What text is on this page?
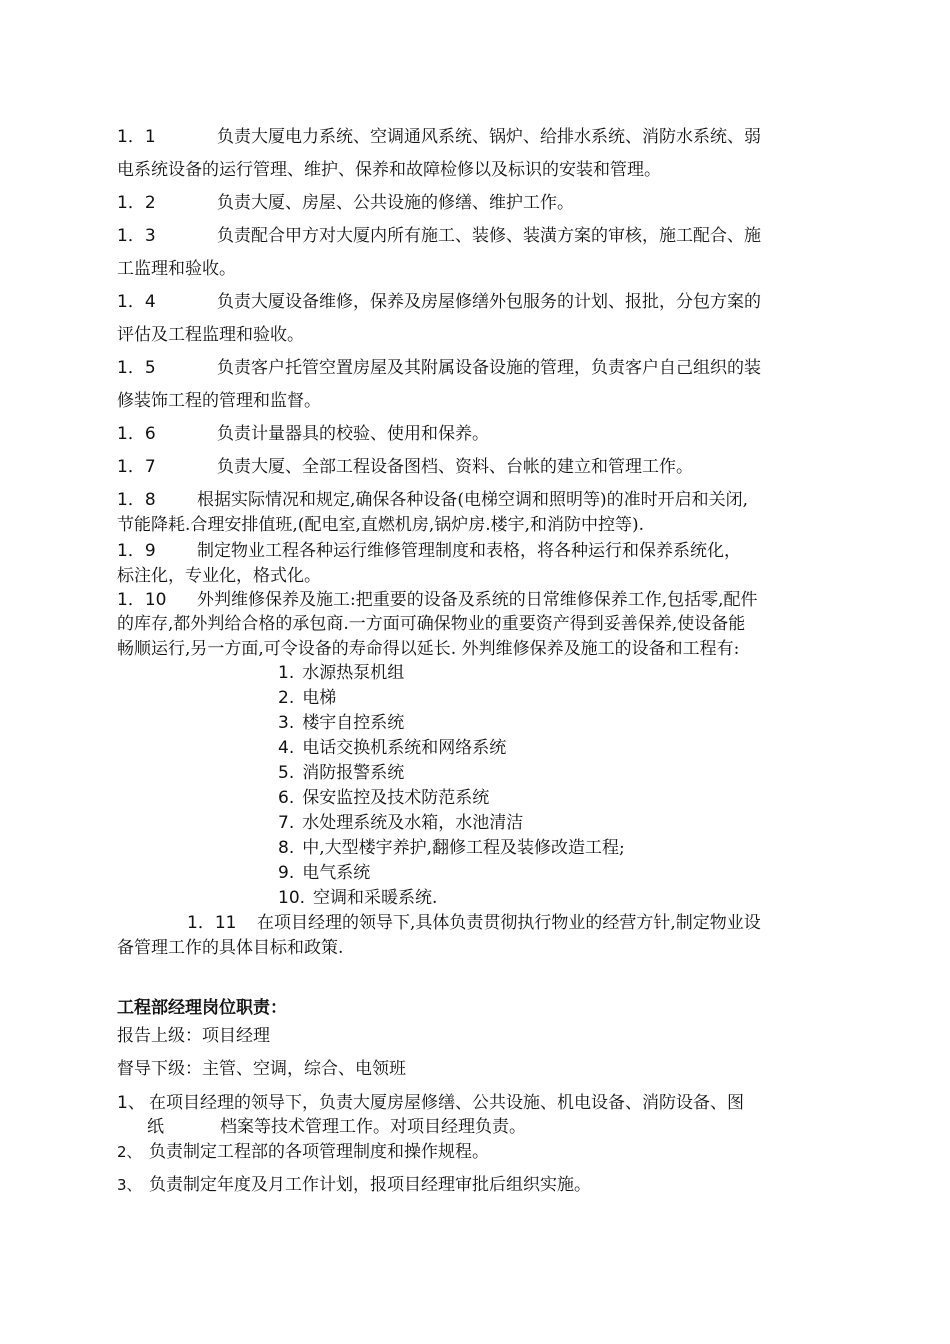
1．1	负责大厦电力系统、空调通风系统、锅炉、给排水系统、消防水系统、弱
电系统设备的运行管理、维护、保养和故障检修以及标识的安装和管理。
1．2	负责大厦、房屋、公共设施的修缮、维护工作。
1．3	负责配合甲方对大厦内所有施工、装修、装潢方案的审核，施工配合、施
工监理和验收。
1．4	负责大厦设备维修，保养及房屋修缮外包服务的计划、报批，分包方案的
评估及工程监理和验收。
1．5	负责客户托管空置房屋及其附属设备设施的管理，负责客户自己组织的装
修装饰工程的管理和监督。
1．6	负责计量器具的校验、使用和保养。
1．7	负责大厦、全部工程设备图档、资料、台帐的建立和管理工作。
1．8 根据实际情况和规定,确保各种设备(电梯空调和照明等)的准时开启和关闭,
节能降耗.合理安排值班,(配电室,直燃机房,锅炉房.楼宇,和消防中控等).
1．9 制定物业工程各种运行维修管理制度和表格，将各种运行和保养系统化，
标注化，专业化，格式化。
1．10 外判维修保养及施工:把重要的设备及系统的日常维修保养工作,包括零,配件
的库存,都外判给合格的承包商.一方面可确保物业的重要资产得到妥善保养,使设备能
畅顺运行,另一方面,可令设备的寿命得以延长. 外判维修保养及施工的设备和工程有:
1. 水源热泵机组
2. 电梯
3. 楼宇自控系统
4. 电话交换机系统和网络系统
5. 消防报警系统
6. 保安监控及技术防范系统
7. 水处理系统及水箱，水池清洁
8. 中,大型楼宇养护,翻修工程及装修改造工程;
9. 电气系统
10. 空调和采暖系统.
1．11 在项目经理的领导下,具体负责贯彻执行物业的经营方针,制定物业设
备管理工作的具体目标和政策.
工程部经理岗位职责：
报告上级：项目经理
督导下级：主管、空调，综合、电领班
1、 在项目经理的领导下，负责大厦房屋修缮、公共设施、机电设备、消防设备、图
纸	档案等技术管理工作。对项目经理负责。
2、 负责制定工程部的各项管理制度和操作规程。
3、 负责制定年度及月工作计划，报项目经理审批后组织实施。
